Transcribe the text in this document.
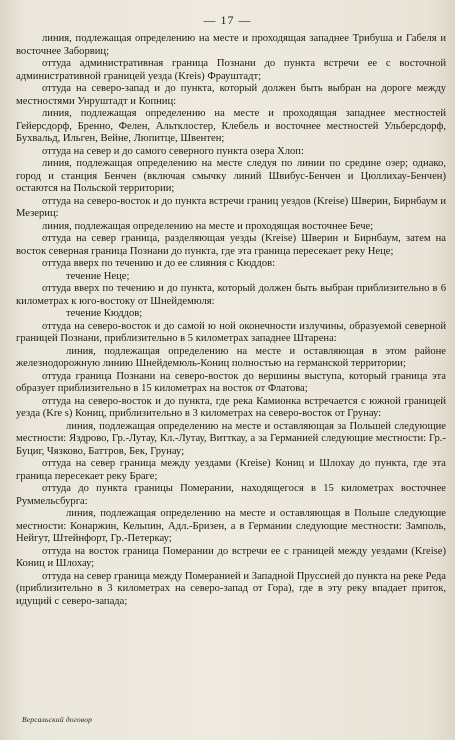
— 17 —

линия, подлежащая определению на месте и проходящая западнее Трибуша и Габеля и восточнее Заборвиц;

оттуда административная граница Познани до пункта встречи ее с восточной административной границей уезда (Kreis) Фрауштадт;

оттуда на северо-запад и до пункта, который должен быть выбран на дороге между местностями Унруштадт и Копниц:

линия, подлежащая определению на месте и проходящая западнее местностей Гейерсдорф, Бренно, Фелен, Альтклостер, Клебель и восточнее местностей Ульберсдорф, Бухвальд, Ильген, Вейне, Люпитце, Швентен;

оттуда на север и до самого северного пункта озера Хлоп:

линия, подлежащая определению на месте следуя по линии по средине озер; однако, город и станция Бенчен (включая смычку линий Швибус-Бенчен и Цюллихау-Бенчен) остаются на Польской территории;

оттуда на северо-восток и до пункта встречи границ уездов (Kreise) Шверин, Бирнбаум и Мезериц:

линия, подлежащая определению на месте и проходящая восточнее Бече;

оттуда на север граница, разделяющая уезды (Kreise) Шверин и Бирнбаум, затем на восток северная граница Познани до пункта, где эта граница пересекает реку Неце;

оттуда вверх по течению и до ее слияния с Кюддов:

течение Неце;

оттуда вверх по течению и до пункта, который должен быть выбран приблизительно в 6 километрах к юго-востоку от Шнейдемюля:

течение Кюддов;

оттуда на северо-восток и до самой ю ной оконечности излучины, образуемой северной границей Познани, приблизительно в 5 километрах западнее Штарена:

линия, подлежащая определению на месте и оставляющая в этом районе железнодорожную линию Шнейдемюль-Кониц полностью на германской территории;

оттуда граница Познани на северо-восток до вершины выступа, который граница эта образует приблизительно в 15 километрах на восток от Флатова;

оттуда на северо-восток и до пункта, где река Камионка встречается с южной границей уезда (Kre s) Кониц, приблизительно в 3 километрах на северо-восток от Грунау:

линия, подлежащая определению на месте и оставляющая за Польшей следующие местности: Яздрово, Гр.-Лутау, Кл.-Лутау, Витткау, а за Германией следующие местности: Гр.-Буциг, Чязково, Баттров, Бек, Грунау;

оттуда на север граница между уездами (Kreise) Кониц и Шлохау до пункта, где эта граница пересекает реку Браге;

оттуда до пункта границы Померании, находящегося в 15 километрах восточнее Руммельсбурга:

линия, подлежащая определению на месте и оставляющая в Польше следующие местности: Конаржин, Кельпин, Адл.-Бризен, а в Германии следующие местности: Замполь, Нейгут, Штейнфорт, Гр.-Петеркау;

оттуда на восток граница Померании до встречи ее с границей между уездами (Kreise) Кониц и Шлохау;

оттуда на север граница между Померанией и Западной Пруссией до пункта на реке Реда (приблизительно в 3 километрах на северо-запад от Гора), где в эту реку впадает приток, идущий с северо-запада;

Версальский договор
